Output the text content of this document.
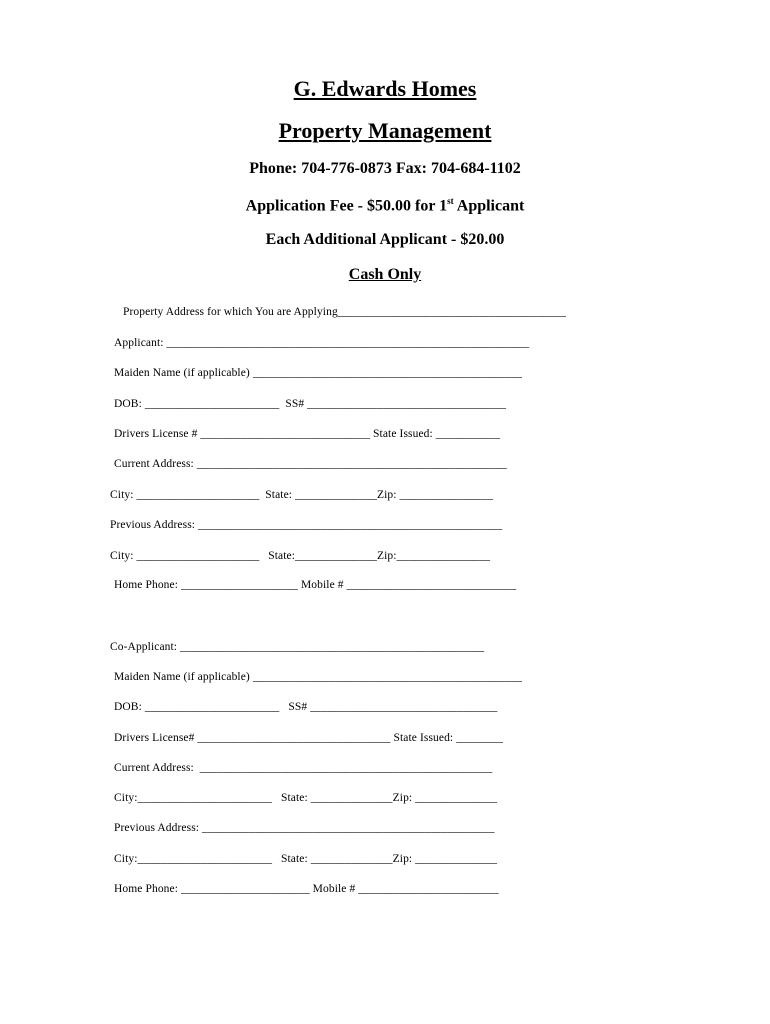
G. Edwards Homes
Property Management
Phone: 704-776-0873 Fax: 704-684-1102
Application Fee - $50.00 for 1st Applicant
Each Additional Applicant - $20.00
Cash Only
Property Address for which You are Applying_______________________________________
Applicant: ______________________________________________________________
Maiden Name (if applicable) ______________________________________________
DOB: _______________________  SS# __________________________________
Drivers License # _____________________________ State Issued: ___________
Current Address: _____________________________________________________
City: _____________________  State: ______________Zip: ________________
Previous Address: ____________________________________________________
City: _____________________   State:______________Zip:________________
Home Phone: ____________________ Mobile # _____________________________
Co-Applicant: ____________________________________________________
Maiden Name (if applicable) ______________________________________________
DOB: _______________________   SS# ________________________________
Drivers License# _________________________________ State Issued: ________
Current Address:  __________________________________________________
City:_______________________   State: ______________Zip: ______________
Previous Address: __________________________________________________
City:_______________________   State: ______________Zip: ______________
Home Phone: ______________________ Mobile # ________________________
